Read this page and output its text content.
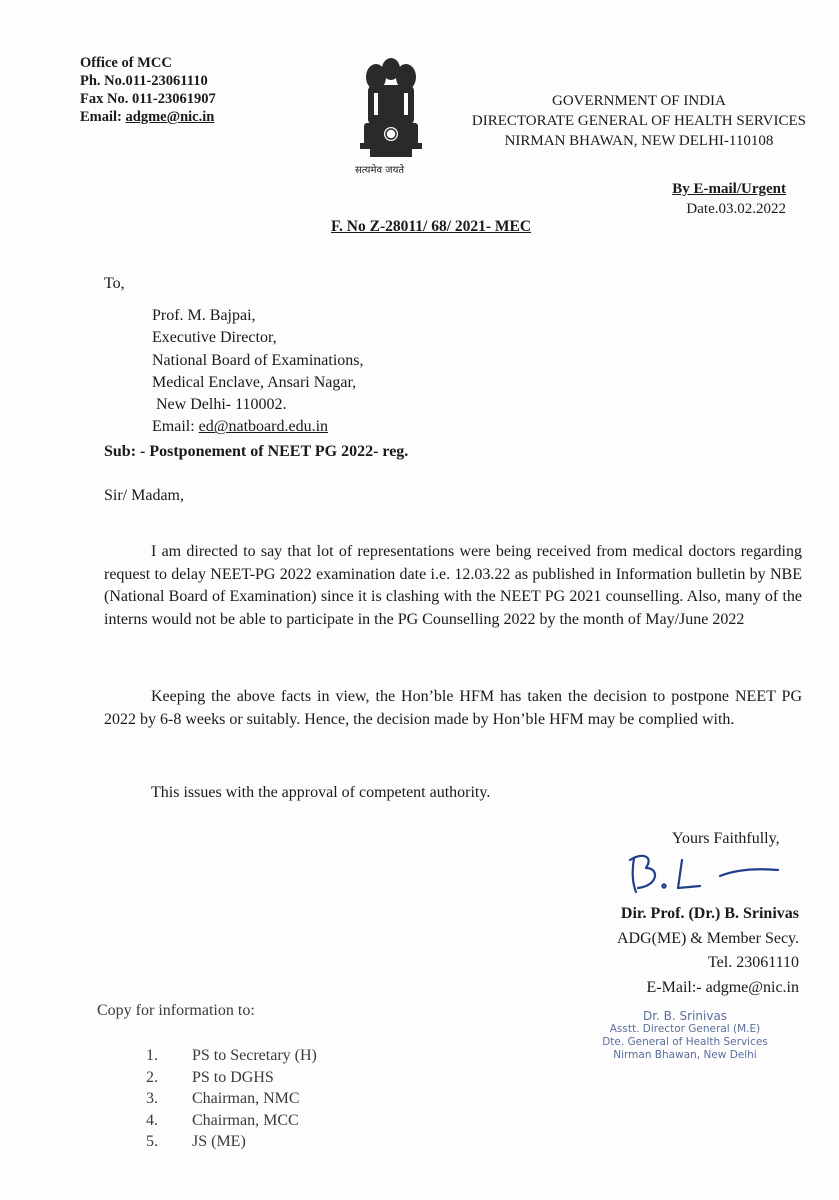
Office of MCC
Ph. No.011-23061110
Fax No. 011-23061907
Email: adgme@nic.in
सत्यमेव जयते
GOVERNMENT OF INDIA
DIRECTORATE GENERAL OF HEALTH SERVICES
NIRMAN BHAWAN, NEW DELHI-110108
By E-mail/Urgent
Date.03.02.2022
F. No Z-28011/ 68/ 2021- MEC
To,
Prof. M. Bajpai,
Executive Director,
National Board of Examinations,
Medical Enclave, Ansari Nagar,
New Delhi- 110002.
Email: ed@natboard.edu.in
Sub: - Postponement of NEET PG 2022- reg.
Sir/ Madam,
I am directed to say that lot of representations were being received from medical doctors regarding request to delay NEET-PG 2022 examination date i.e. 12.03.22 as published in Information bulletin by NBE (National Board of Examination) since it is clashing with the NEET PG 2021 counselling. Also, many of the interns would not be able to participate in the PG Counselling 2022 by the month of May/June 2022
Keeping the above facts in view, the Hon’ble HFM has taken the decision to postpone NEET PG 2022 by 6-8 weeks or suitably. Hence, the decision made by Hon’ble HFM may be complied with.
This issues with the approval of competent authority.
Yours Faithfully,
Dir. Prof. (Dr.) B. Srinivas
ADG(ME) & Member Secy.
Tel. 23061110
E-Mail:- adgme@nic.in
Dr. B. Srinivas
Asstt. Director General (M.E)
Dte. General of Health Services
Nirman Bhawan, New Delhi
Copy for information to:
1.	PS to Secretary (H)
2.	PS to DGHS
3.	Chairman, NMC
4.	Chairman, MCC
5.	JS (ME)
